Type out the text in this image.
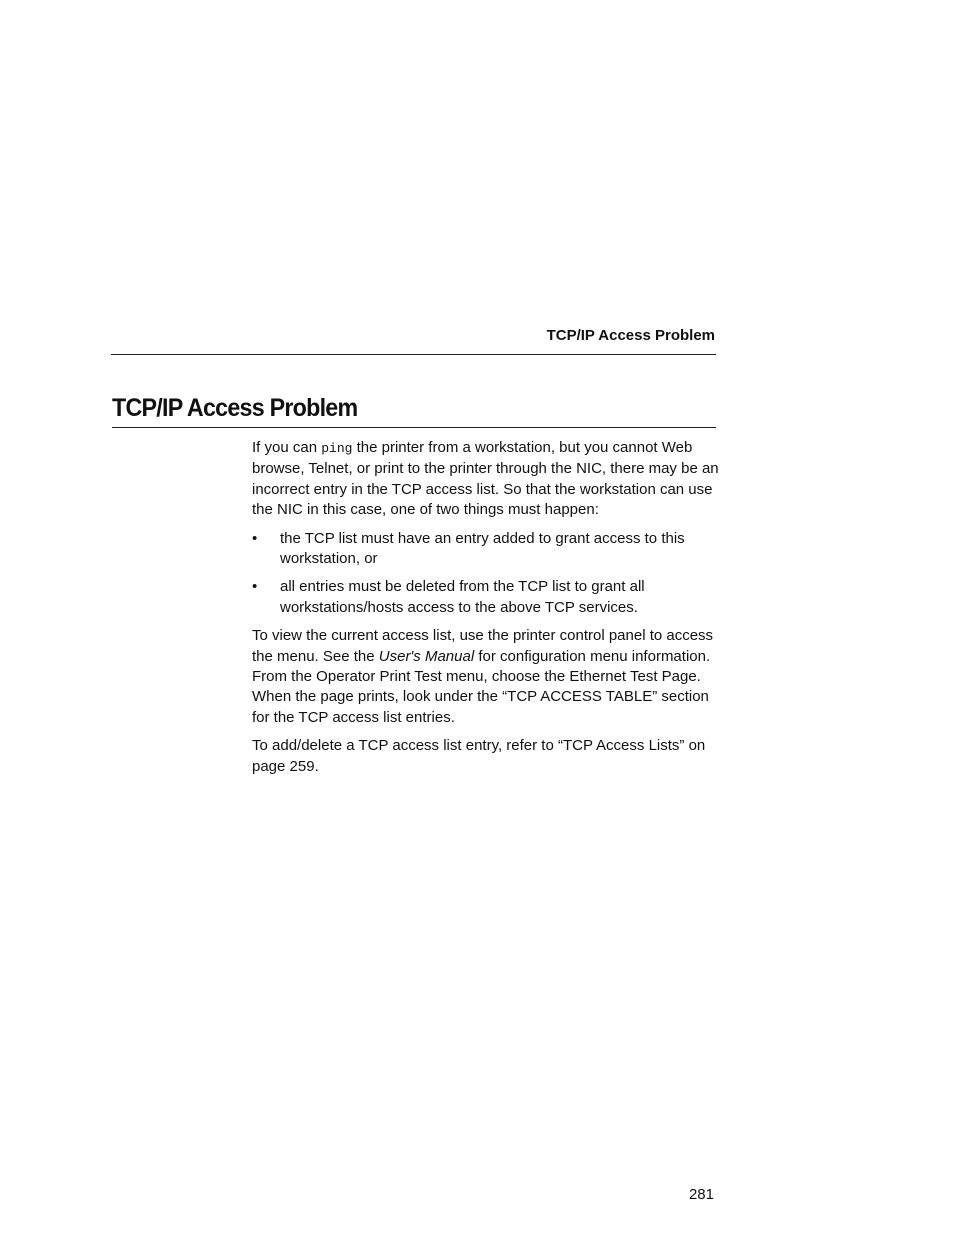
TCP/IP Access Problem
TCP/IP Access Problem

If you can ping the printer from a workstation, but you cannot Web browse, Telnet, or print to the printer through the NIC, there may be an incorrect entry in the TCP access list. So that the workstation can use the NIC in this case, one of two things must happen:

• the TCP list must have an entry added to grant access to this workstation, or
• all entries must be deleted from the TCP list to grant all workstations/hosts access to the above TCP services.

To view the current access list, use the printer control panel to access the menu. See the User's Manual for configuration menu information. From the Operator Print Test menu, choose the Ethernet Test Page. When the page prints, look under the “TCP ACCESS TABLE” section for the TCP access list entries.

To add/delete a TCP access list entry, refer to “TCP Access Lists” on page 259.

281
